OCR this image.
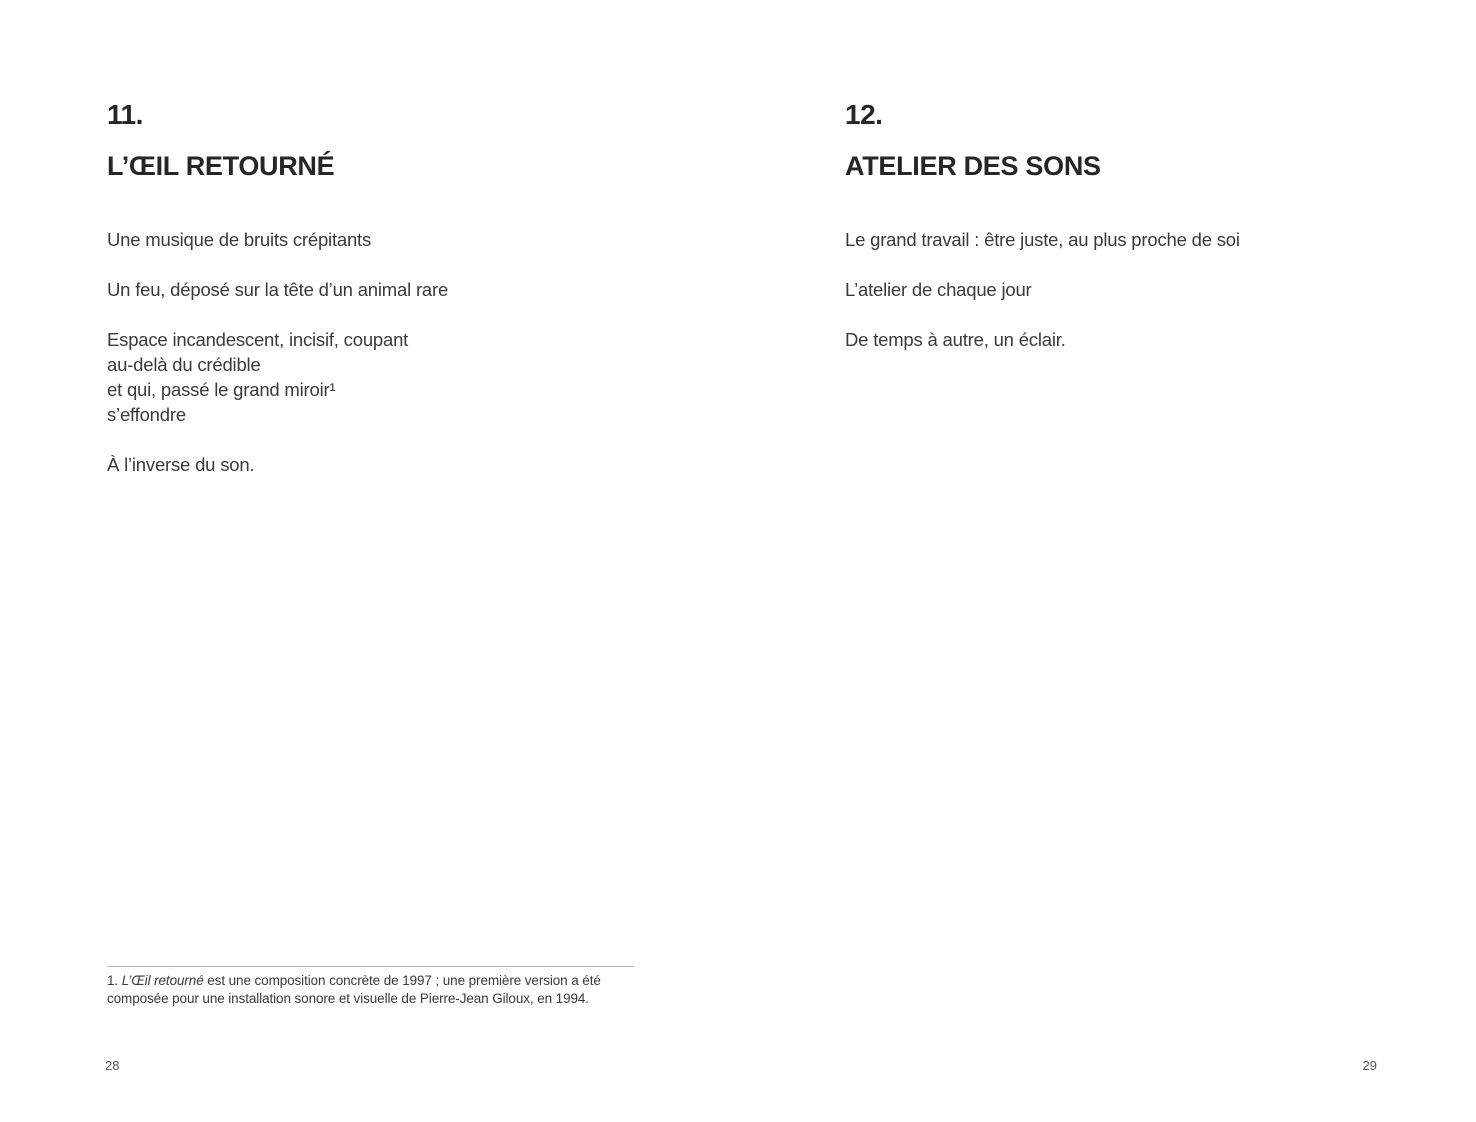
11.
L’ŒIL RETOURNÉ
Une musique de bruits crépitants
Un feu, déposé sur la tête d’un animal rare
Espace incandescent, incisif, coupant
au-delà du crédible
et qui, passé le grand miroir¹
s’effondre
À l’inverse du son.
1. L’Œil retourné est une composition concrète de 1997 ; une première version a été
composée pour une installation sonore et visuelle de Pierre-Jean Giloux, en 1994.
28
12.
ATELIER DES SONS
Le grand travail : être juste, au plus proche de soi
L’atelier de chaque jour
De temps à autre, un éclair.
29
